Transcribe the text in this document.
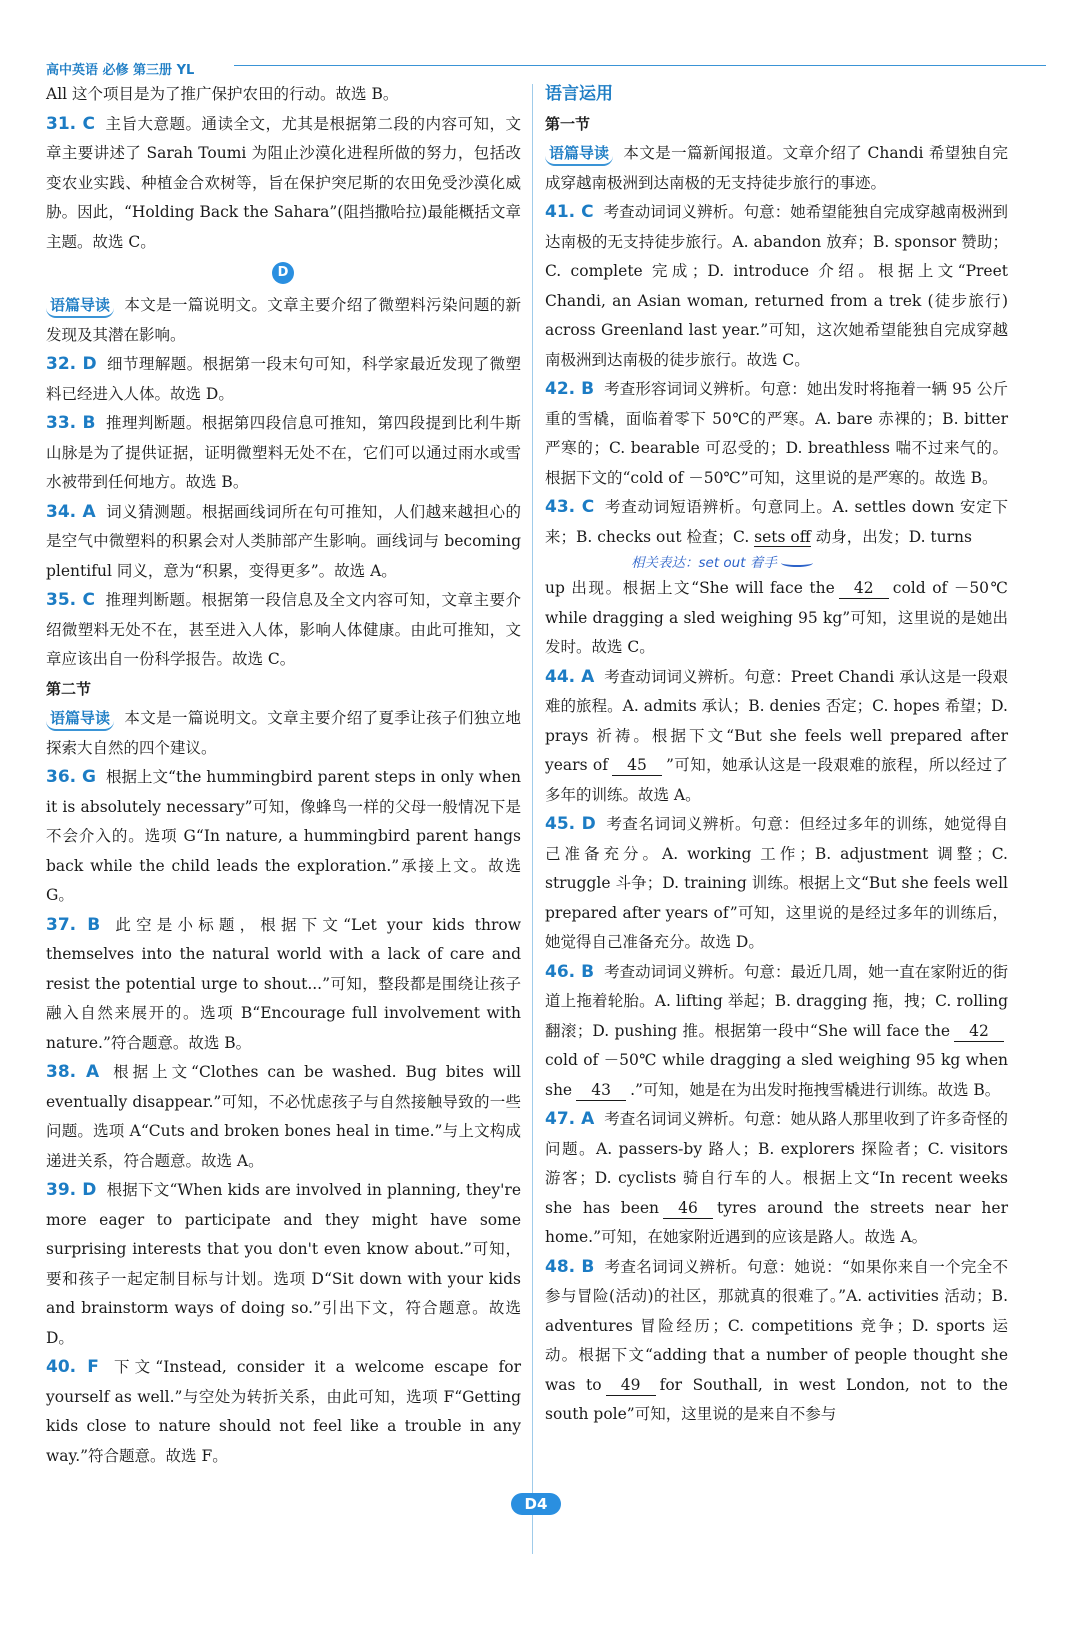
高中英语 必修 第三册 YL

All 这个项目是为了推广保护农田的行动。故选 B。

31. C 主旨大意题。通读全文，尤其是根据第二段的内容可知，文章主要讲述了 Sarah Toumi 为阻止沙漠化进程所做的努力，包括改变农业实践、种植金合欢树等，旨在保护突尼斯的农田免受沙漠化威胁。因此，“Holding Back the Sahara”(阻挡撒哈拉)最能概括文章主题。故选 C。

D

语篇导读 本文是一篇说明文。文章主要介绍了微塑料污染问题的新发现及其潜在影响。

32. D 细节理解题。根据第一段末句可知，科学家最近发现了微塑料已经进入人体。故选 D。

33. B 推理判断题。根据第四段信息可推知，第四段提到比利牛斯山脉是为了提供证据，证明微塑料无处不在，它们可以通过雨水或雪水被带到任何地方。故选 B。

34. A 词义猜测题。根据画线词所在句可推知，人们越来越担心的是空气中微塑料的积累会对人类肺部产生影响。画线词与 becoming plentiful 同义，意为“积累，变得更多”。故选 A。

35. C 推理判断题。根据第一段信息及全文内容可知，文章主要介绍微塑料无处不在，甚至进入人体，影响人体健康。由此可推知，文章应该出自一份科学报告。故选 C。

第二节

语篇导读 本文是一篇说明文。文章主要介绍了夏季让孩子们独立地探索大自然的四个建议。

36. G 根据上文“the hummingbird parent steps in only when it is absolutely necessary”可知，像蜂鸟一样的父母一般情况下是不会介入的。选项 G“In nature, a hummingbird parent hangs back while the child leads the exploration.”承接上文。故选 G。

37. B 此空是小标题，根据下文“Let your kids throw themselves into the natural world with a lack of care and resist the potential urge to shout...”可知，整段都是围绕让孩子融入自然来展开的。选项 B“Encourage full involvement with nature.”符合题意。故选 B。

38. A 根据上文“Clothes can be washed. Bug bites will eventually disappear.”可知，不必忧虑孩子与自然接触导致的一些问题。选项 A“Cuts and broken bones heal in time.”与上文构成递进关系，符合题意。故选 A。

39. D 根据下文“When kids are involved in planning, they're more eager to participate and they might have some surprising interests that you don't even know about.”可知，要和孩子一起定制目标与计划。选项 D“Sit down with your kids and brainstorm ways of doing so.”引出下文，符合题意。故选 D。

40. F 下文“Instead, consider it a welcome escape for yourself as well.”与空处为转折关系，由此可知，选项 F“Getting kids close to nature should not feel like a trouble in any way.”符合题意。故选 F。

语言运用

第一节

语篇导读 本文是一篇新闻报道。文章介绍了 Chandi 希望独自完成穿越南极洲到达南极的无支持徒步旅行的事迹。

41. C 考查动词词义辨析。句意：她希望能独自完成穿越南极洲到达南极的无支持徒步旅行。A. abandon 放弃；B. sponsor 赞助；C. complete 完成；D. introduce 介绍。根据上文“Preet Chandi, an Asian woman, returned from a trek (徒步旅行) across Greenland last year.”可知，这次她希望能独自完成穿越南极洲到达南极的徒步旅行。故选 C。

42. B 考查形容词词义辨析。句意：她出发时将拖着一辆 95 公斤重的雪橇，面临着零下 50℃的严寒。A. bare 赤裸的；B. bitter 严寒的；C. bearable 可忍受的；D. breathless 喘不过来气的。根据下文的“cold of －50℃”可知，这里说的是严寒的。故选 B。

43. C 考查动词短语辨析。句意同上。A. settles down 安定下来；B. checks out 检查；C. sets off 动身，出发；D. turns

相关表达：set out 着手

up 出现。根据上文“She will face the 42 cold of －50℃ while dragging a sled weighing 95 kg”可知，这里说的是她出发时。故选 C。

44. A 考查动词词义辨析。句意：Preet Chandi 承认这是一段艰难的旅程。A. admits 承认；B. denies 否定；C. hopes 希望；D. prays 祈祷。根据下文“But she feels well prepared after years of 45 ”可知，她承认这是一段艰难的旅程，所以经过了多年的训练。故选 A。

45. D 考查名词词义辨析。句意：但经过多年的训练，她觉得自己准备充分。A. working 工作；B. adjustment 调整；C. struggle 斗争；D. training 训练。根据上文“But she feels well prepared after years of”可知，这里说的是经过多年的训练后，她觉得自己准备充分。故选 D。

46. B 考查动词词义辨析。句意：最近几周，她一直在家附近的街道上拖着轮胎。A. lifting 举起；B. dragging 拖，拽；C. rolling 翻滚；D. pushing 推。根据第一段中“She will face the 42cold of －50℃ while dragging a sled weighing 95 kg when she 43 .”可知，她是在为出发时拖拽雪橇进行训练。故选 B。

47. A 考查名词词义辨析。句意：她从路人那里收到了许多奇怪的问题。A. passers-by 路人；B. explorers 探险者；C. visitors 游客；D. cyclists 骑自行车的人。根据上文“In recent weeks she has been 46 tyres around the streets near her home.”可知，在她家附近遇到的应该是路人。故选 A。

48. B 考查名词词义辨析。句意：她说：“如果你来自一个完全不参与冒险(活动)的社区，那就真的很难了。”A. activities 活动；B. adventures 冒险经历；C. competitions 竞争；D. sports 运动。根据下文“adding that a number of people thought she was to 49 for Southall, in west London, not to the south pole”可知，这里说的是来自不参与

D4
